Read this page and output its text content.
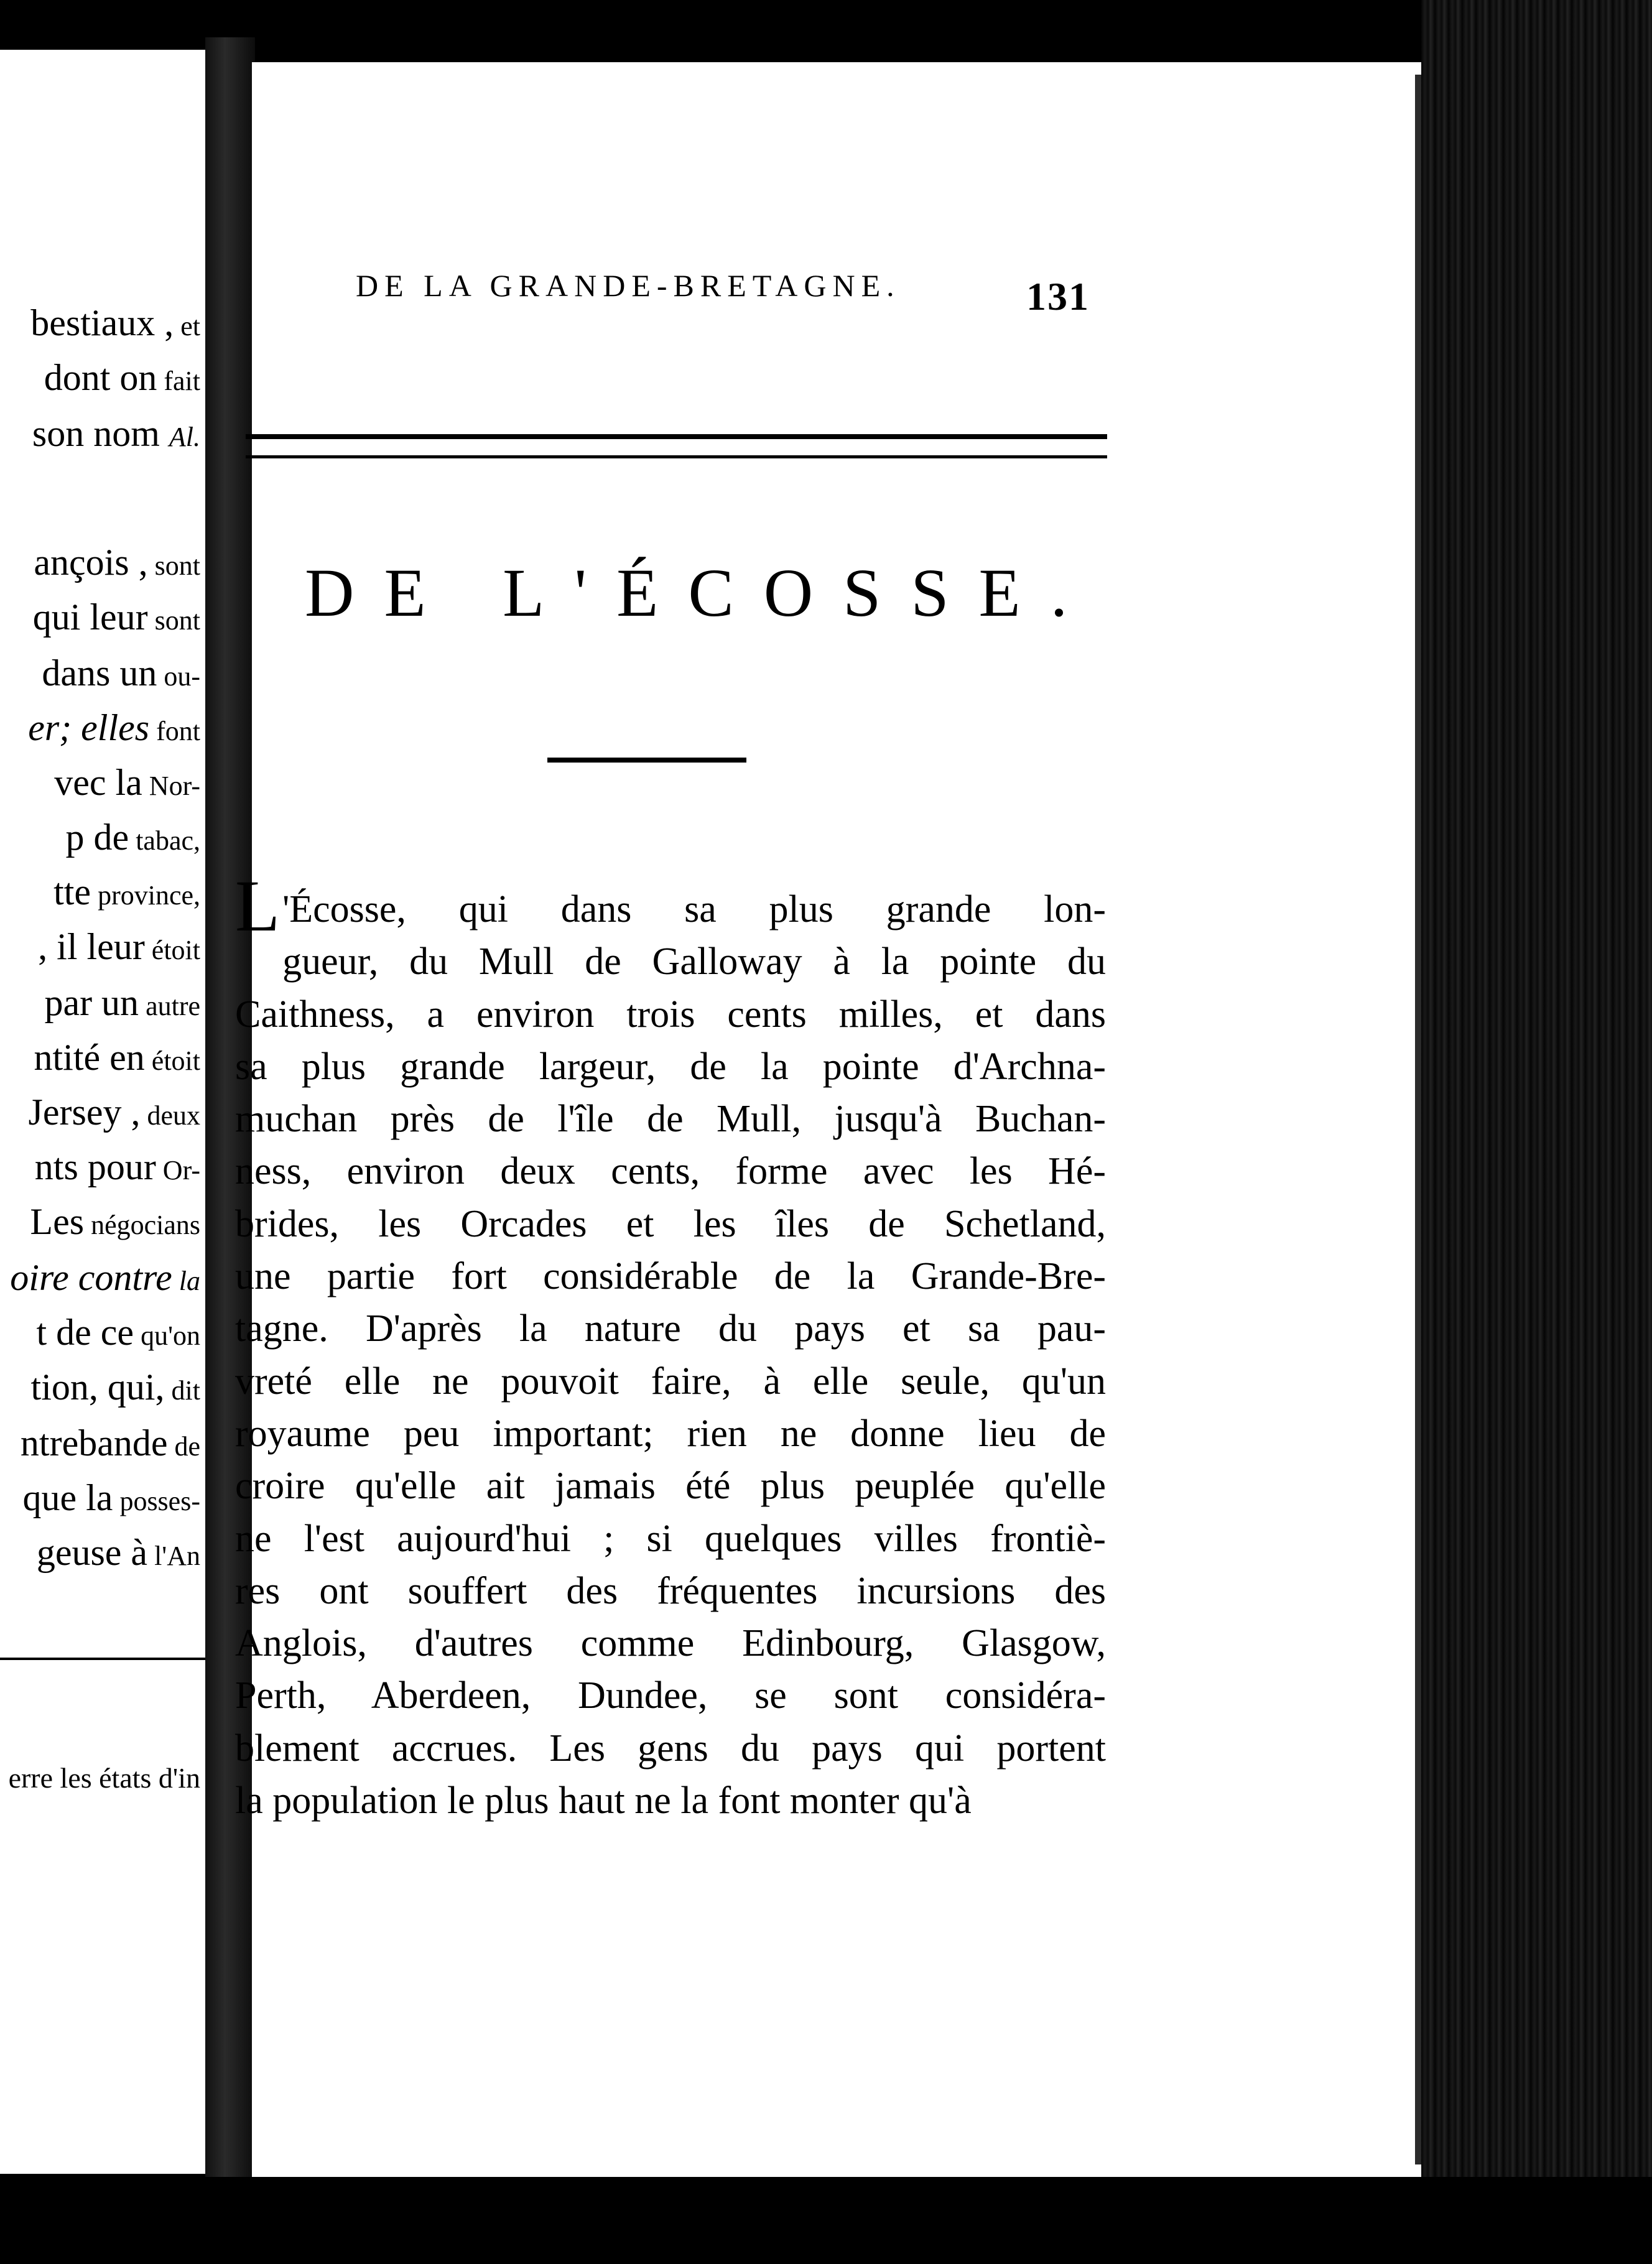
bestiaux , et

dont on fait

son nom Al.

ançois , sont

qui leur sont

dans un ou-

er; elles font

vec la Nor-

p de tabac,

tte province,

, il leur étoit

par un autre

ntité en étoit

Jersey , deux

nts pour Or-

Les négocians

oire contre la

t de ce qu'on

tion, qui, dit

ntrebande de

que la posses-

geuse à l'An

erre les états d'in

DE LA GRANDE-BRETAGNE.	131
DE L'ÉCOSSE.
L 'Écosse, qui dans sa plus grande lon-
gueur, du Mull de Galloway à la pointe du
Caithness, a environ trois cents milles, et dans
sa plus grande largeur, de la pointe d'Archna-
muchan près de l'île de Mull, jusqu'à Buchan-
ness, environ deux cents, forme avec les Hé-
brides, les Orcades et les îles de Schetland,
une partie fort considérable de la Grande-Bre-
tagne. D'après la nature du pays et sa pau-
vreté elle ne pouvoit faire, à elle seule, qu'un
royaume peu important; rien ne donne lieu de
croire qu'elle ait jamais été plus peuplée qu'elle
ne l'est aujourd'hui ; si quelques villes frontiè-
res ont souffert des fréquentes incursions des
Anglois, d'autres comme Edinbourg, Glasgow,
Perth, Aberdeen, Dundee, se sont considéra-
blement accrues. Les gens du pays qui portent
la population le plus haut ne la font monter qu'à
